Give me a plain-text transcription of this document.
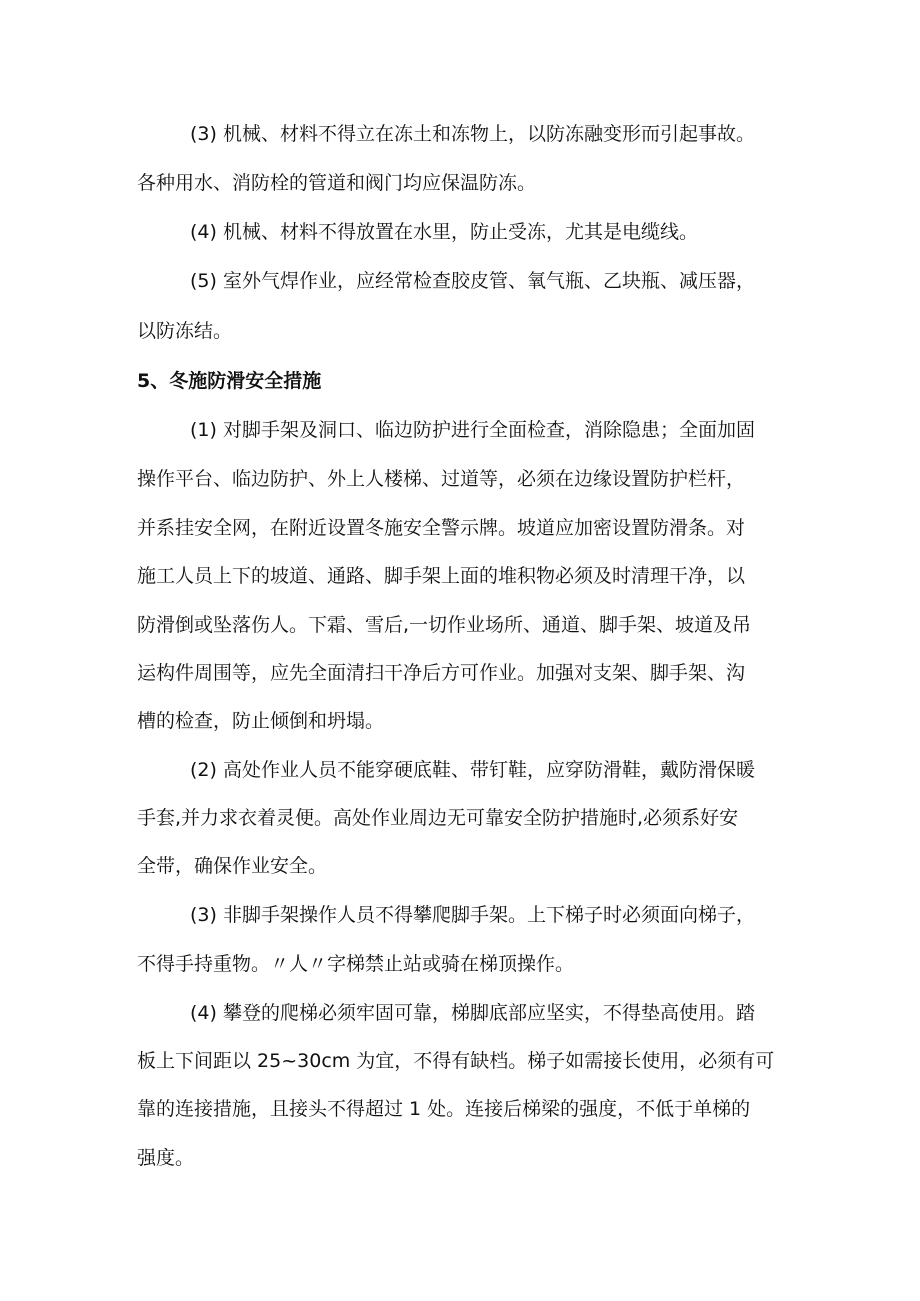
(3) 机械、材料不得立在冻土和冻物上，以防冻融变形而引起事故。

各种用水、消防栓的管道和阀门均应保温防冻。

(4) 机械、材料不得放置在水里，防止受冻，尤其是电缆线。

(5) 室外气焊作业，应经常检查胶皮管、氧气瓶、乙块瓶、减压器，

以防冻结。

5、冬施防滑安全措施

(1) 对脚手架及洞口、临边防护进行全面检查，消除隐患；全面加固

操作平台、临边防护、外上人楼梯、过道等，必须在边缘设置防护栏杆，

并系挂安全网，在附近设置冬施安全警示牌。坡道应加密设置防滑条。对

施工人员上下的坡道、通路、脚手架上面的堆积物必须及时清理干净，以

防滑倒或坠落伤人。下霜、雪后,一切作业场所、通道、脚手架、坡道及吊

运构件周围等，应先全面清扫干净后方可作业。加强对支架、脚手架、沟

槽的检查，防止倾倒和坍塌。

(2) 高处作业人员不能穿硬底鞋、带钉鞋，应穿防滑鞋，戴防滑保暖

手套,并力求衣着灵便。高处作业周边无可靠安全防护措施时,必须系好安

全带，确保作业安全。

(3) 非脚手架操作人员不得攀爬脚手架。上下梯子时必须面向梯子，

不得手持重物。〃人〃字梯禁止站或骑在梯顶操作。

(4) 攀登的爬梯必须牢固可靠，梯脚底部应坚实，不得垫高使用。踏

板上下间距以 25~30cm 为宜，不得有缺档。梯子如需接长使用，必须有可

靠的连接措施，且接头不得超过 1 处。连接后梯梁的强度，不低于单梯的

强度。
